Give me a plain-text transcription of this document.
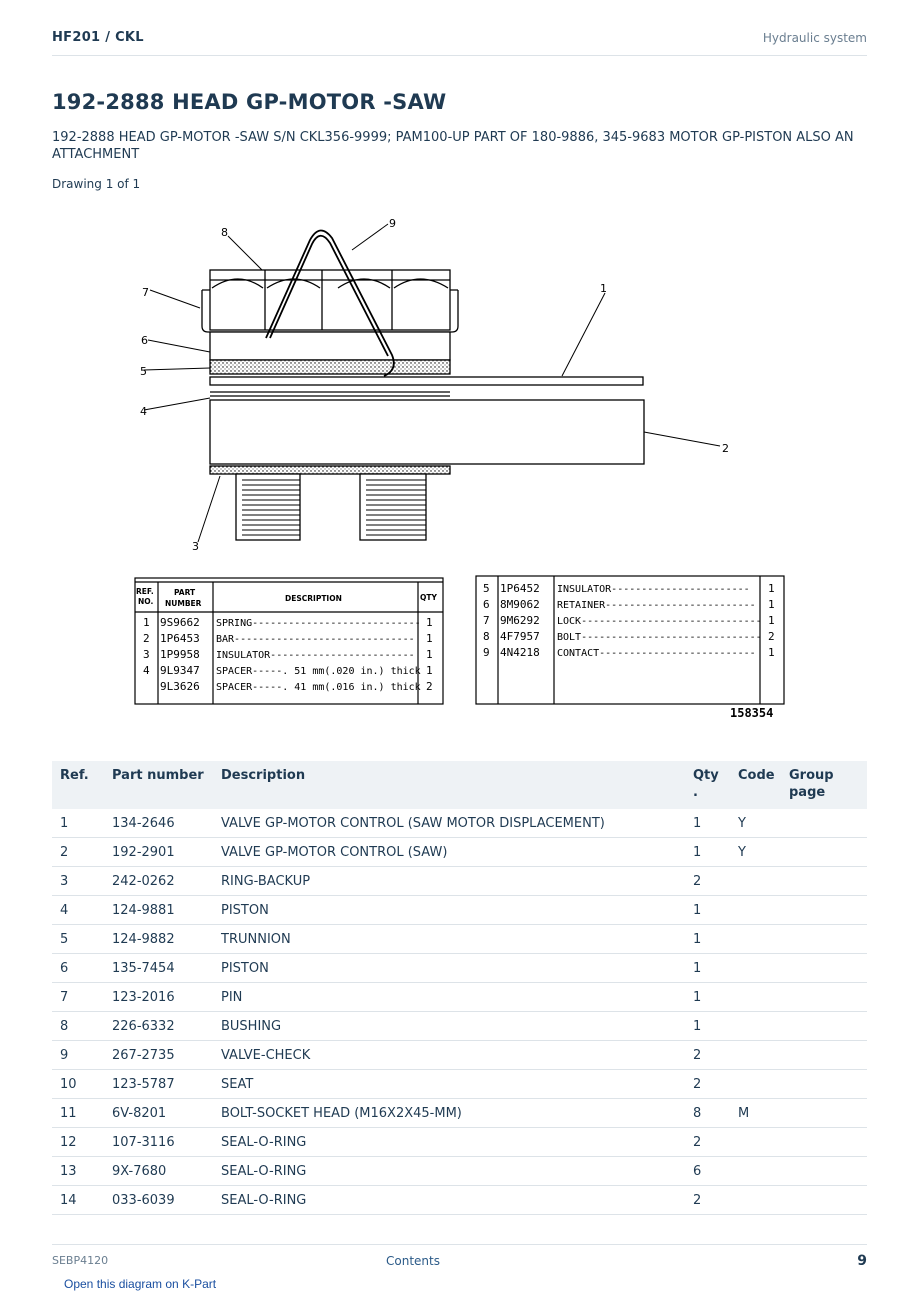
HF201 / CKL	Hydraulic system
192-2888 HEAD GP-MOTOR -SAW
192-2888 HEAD GP-MOTOR -SAW S/N CKL356-9999; PAM100-UP PART OF 180-9886, 345-9683 MOTOR GP-PISTON ALSO AN ATTACHMENT
Drawing 1 of 1
1
2
3
4
5
6
7
8
9
REF.
NO.
PART
NUMBER
DESCRIPTION	QTY
1 9S9662 SPRING---------------------------- 1
2 1P6453 BAR------------------------------ 1
3 1P9958 INSULATOR------------------------ 1
4 9L9347 SPACER-----. 51 mm(.020 in.) thick 1
9L3626 SPACER-----. 41 mm(.016 in.) thick 2
5 1P6452 INSULATOR----------------------- 1
6 8M9062 RETAINER------------------------- 1
7 9M6292 LOCK------------------------------ 1
8 4F7957 BOLT------------------------------ 2
9 4N4218 CONTACT-------------------------- 1
158354
Ref.	Part number	Description	Qty
.	Code	Group
page
1	134-2646	VALVE GP-MOTOR CONTROL (SAW MOTOR DISPLACEMENT)	1	Y	
2	192-2901	VALVE GP-MOTOR CONTROL (SAW)	1	Y	
3	242-0262	RING-BACKUP	2		
4	124-9881	PISTON	1		
5	124-9882	TRUNNION	1		
6	135-7454	PISTON	1		
7	123-2016	PIN	1		
8	226-6332	BUSHING	1		
9	267-2735	VALVE-CHECK	2		
10	123-5787	SEAT	2		
11	6V-8201	BOLT-SOCKET HEAD (M16X2X45-MM)	8	M	
12	107-3116	SEAL-O-RING	2		
13	9X-7680	SEAL-O-RING	6		
14	033-6039	SEAL-O-RING	2		
SEBP4120	Contents	9
Open this diagram on K-Part
